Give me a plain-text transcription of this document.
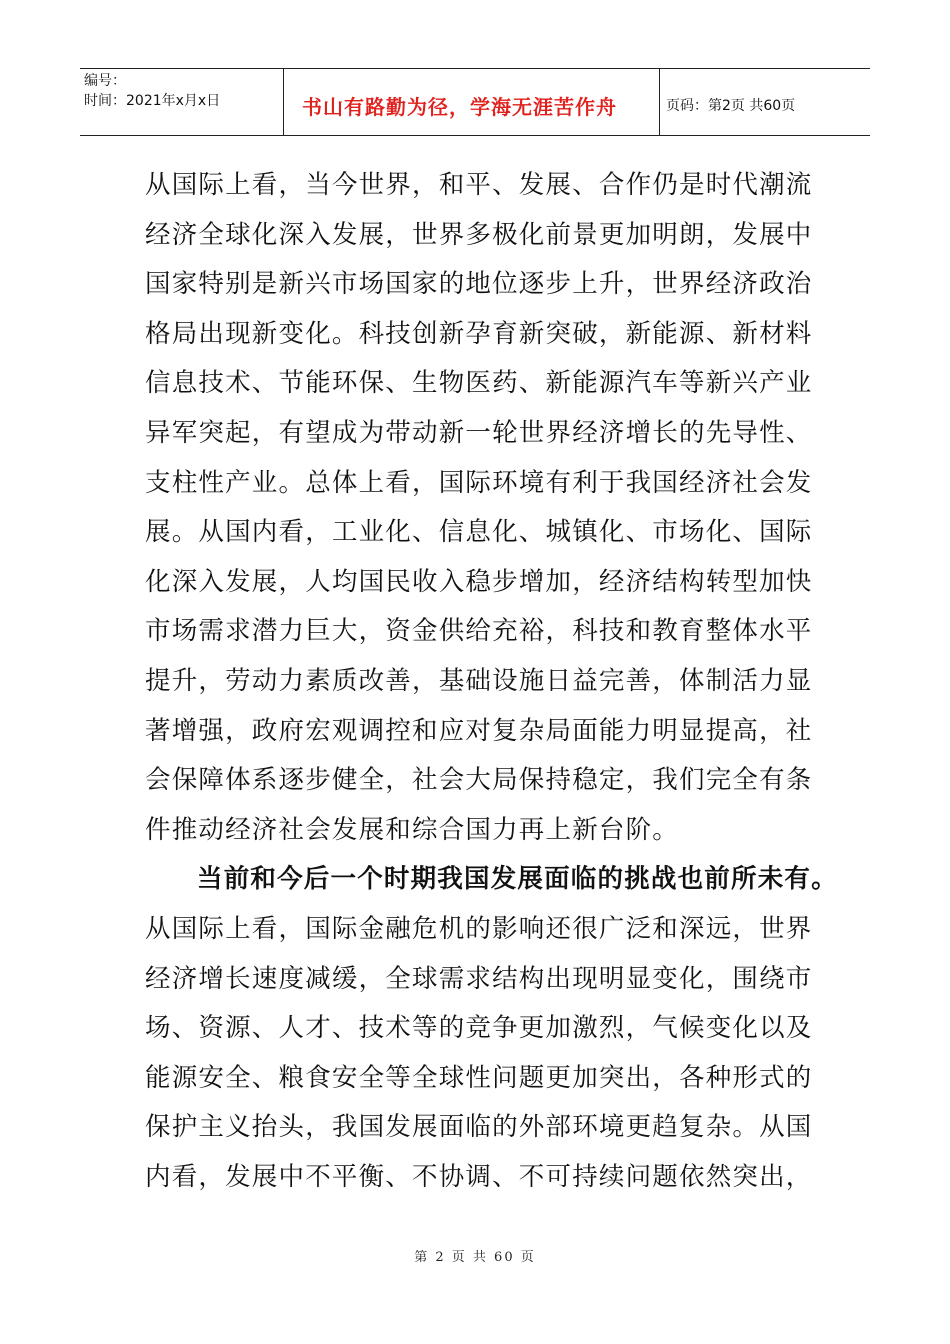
编号：
时间：2021年x月x日	书山有路勤为径，学海无涯苦作舟	页码：第2页 共60页
从国际上看，当今世界，和平、发展、合作仍是时代潮流
经济全球化深入发展，世界多极化前景更加明朗，发展中
国家特别是新兴市场国家的地位逐步上升，世界经济政治
格局出现新变化。科技创新孕育新突破，新能源、新材料
信息技术、节能环保、生物医药、新能源汽车等新兴产业
异军突起，有望成为带动新一轮世界经济增长的先导性、
支柱性产业。总体上看，国际环境有利于我国经济社会发
展。从国内看，工业化、信息化、城镇化、市场化、国际
化深入发展，人均国民收入稳步增加，经济结构转型加快
市场需求潜力巨大，资金供给充裕，科技和教育整体水平
提升，劳动力素质改善，基础设施日益完善，体制活力显
著增强，政府宏观调控和应对复杂局面能力明显提高，社
会保障体系逐步健全，社会大局保持稳定，我们完全有条
件推动经济社会发展和综合国力再上新台阶。
当前和今后一个时期我国发展面临的挑战也前所未有。
从国际上看，国际金融危机的影响还很广泛和深远，世界
经济增长速度减缓，全球需求结构出现明显变化，围绕市
场、资源、人才、技术等的竞争更加激烈，气候变化以及
能源安全、粮食安全等全球性问题更加突出，各种形式的
保护主义抬头，我国发展面临的外部环境更趋复杂。从国
内看，发展中不平衡、不协调、不可持续问题依然突出，
第 2 页 共 60 页
